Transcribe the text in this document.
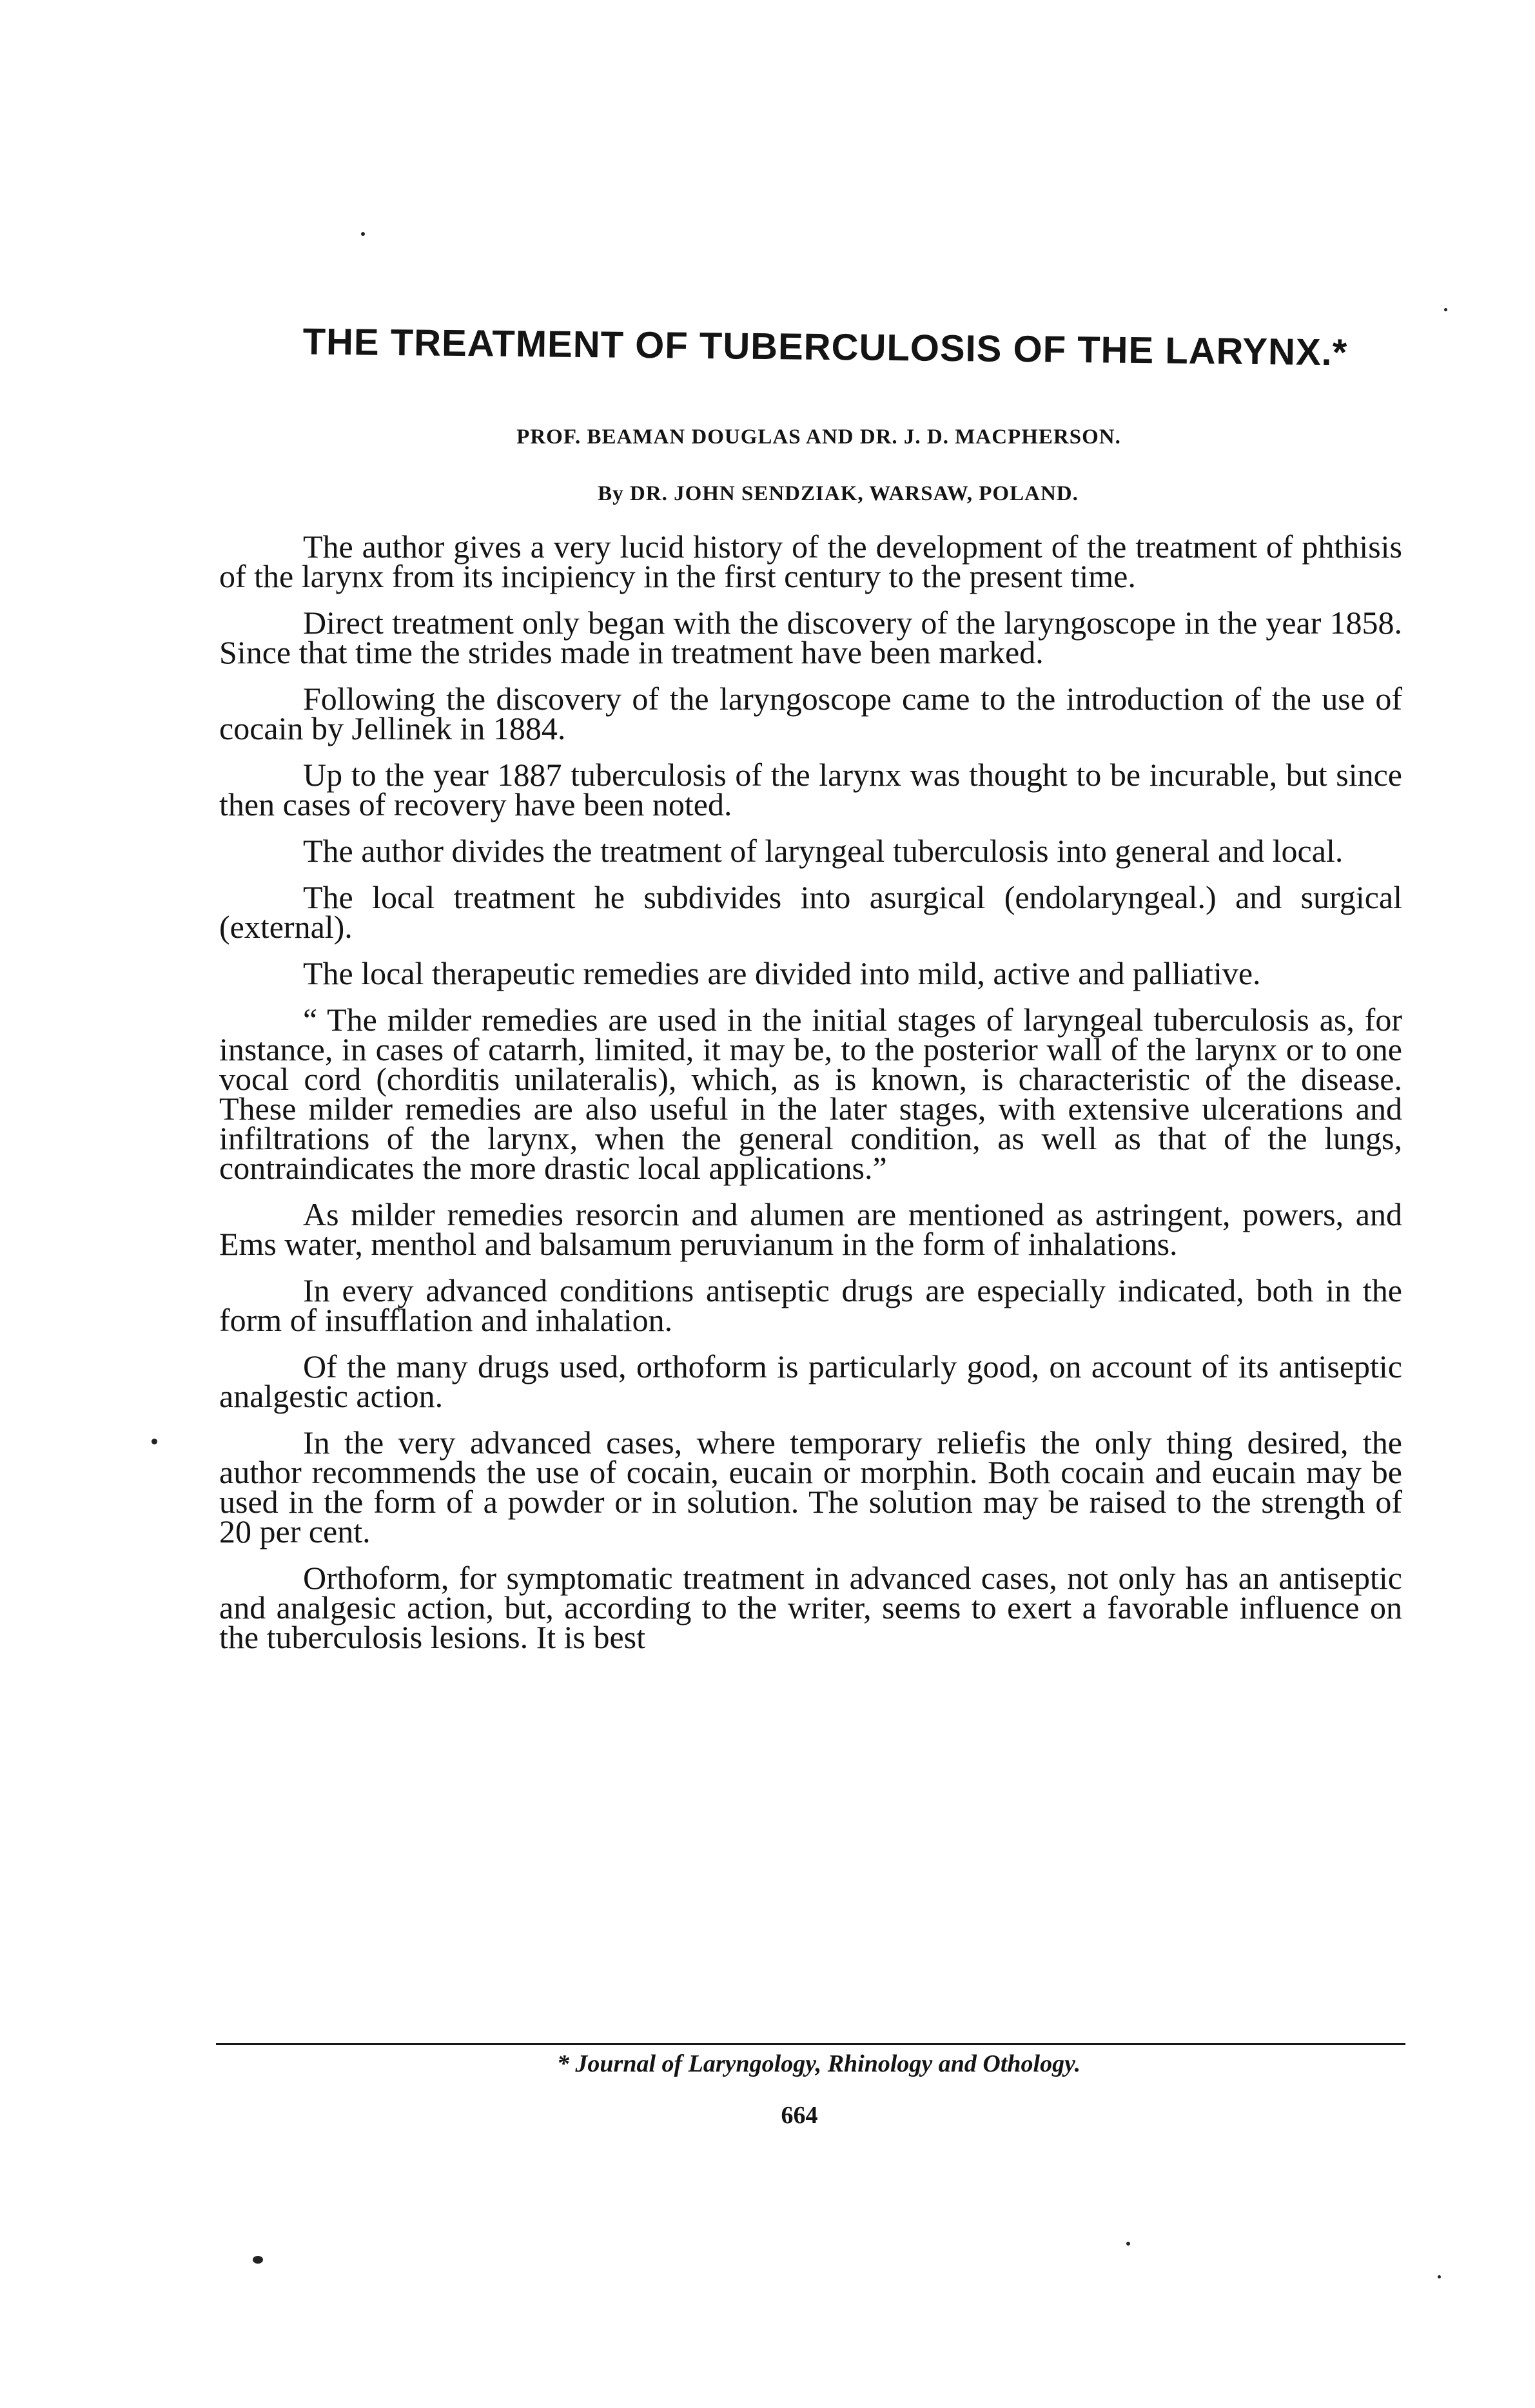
THE TREATMENT OF TUBERCULOSIS OF THE LARYNX.*
PROF. BEAMAN DOUGLAS AND DR. J. D. MACPHERSON.
By DR. JOHN SENDZIAK, WARSAW, POLAND.

The author gives a very lucid history of the development of the treatment of phthisis of the larynx from its incipiency in the first century to the present time.

Direct treatment only began with the discovery of the laryngoscope in the year 1858. Since that time the strides made in treatment have been marked.

Following the discovery of the laryngoscope came to the introduction of the use of cocain by Jellinek in 1884.

Up to the year 1887 tuberculosis of the larynx was thought to be incurable, but since then cases of recovery have been noted.

The author divides the treatment of laryngeal tuberculosis into general and local.

The local treatment he subdivides into asurgical (endolaryngeal.) and surgical (external).

The local therapeutic remedies are divided into mild, active and palliative.

“ The milder remedies are used in the initial stages of laryngeal tuberculosis as, for instance, in cases of catarrh, limited, it may be, to the posterior wall of the larynx or to one vocal cord (chorditis unilateralis), which, as is known, is characteristic of the disease. These milder remedies are also useful in the later stages, with extensive ulcerations and infiltrations of the larynx, when the general condition, as well as that of the lungs, contraindicates the more drastic local applications.”

As milder remedies resorcin and alumen are mentioned as astringent, powers, and Ems water, menthol and balsamum peruvianum in the form of inhalations.

In every advanced conditions antiseptic drugs are especially indicated, both in the form of insufflation and inhalation.

Of the many drugs used, orthoform is particularly good, on account of its antiseptic analgestic action.

In the very advanced cases, where temporary reliefis the only thing desired, the author recommends the use of cocain, eucain or morphin. Both cocain and eucain may be used in the form of a powder or in solution. The solution may be raised to the strength of 20 per cent.

Orthoform, for symptomatic treatment in advanced cases, not only has an antiseptic and analgesic action, but, according to the writer, seems to exert a favorable influence on the tuberculosis lesions. It is best

* Journal of Laryngology, Rhinology and Othology.
664
